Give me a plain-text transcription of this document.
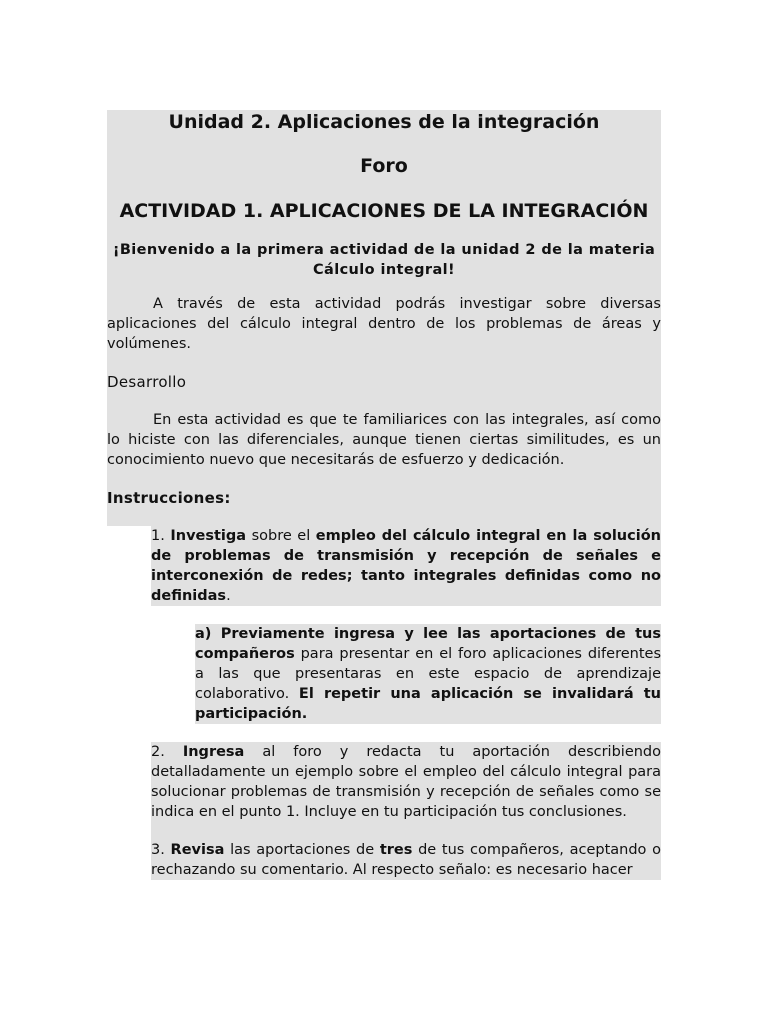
Unidad 2. Aplicaciones de la integración
Foro
ACTIVIDAD 1. APLICACIONES DE LA INTEGRACIÓN
¡Bienvenido a la primera actividad de la unidad 2 de la materia Cálculo integral!

A través de esta actividad podrás investigar sobre diversas aplicaciones del cálculo integral dentro de los problemas de áreas y volúmenes.

Desarrollo

En esta actividad es que te familiarices con las integrales, así como lo hiciste con las diferenciales, aunque tienen ciertas similitudes, es un conocimiento nuevo que necesitarás de esfuerzo y dedicación.

Instrucciones:

1. Investiga sobre el empleo del cálculo integral en la solución de problemas de transmisión y recepción de señales e interconexión de redes; tanto integrales definidas como no definidas.

a) Previamente ingresa y lee las aportaciones de tus compañeros para presentar en el foro aplicaciones diferentes a las que presentaras en este espacio de aprendizaje colaborativo. El repetir una aplicación se invalidará tu participación.

2. Ingresa al foro y redacta tu aportación describiendo detalladamente un ejemplo sobre el empleo del cálculo integral para solucionar problemas de transmisión y recepción de señales como se indica en el punto 1. Incluye en tu participación tus conclusiones.

3. Revisa las aportaciones de tres de tus compañeros, aceptando o rechazando su comentario. Al respecto señalo: es necesario hacer
